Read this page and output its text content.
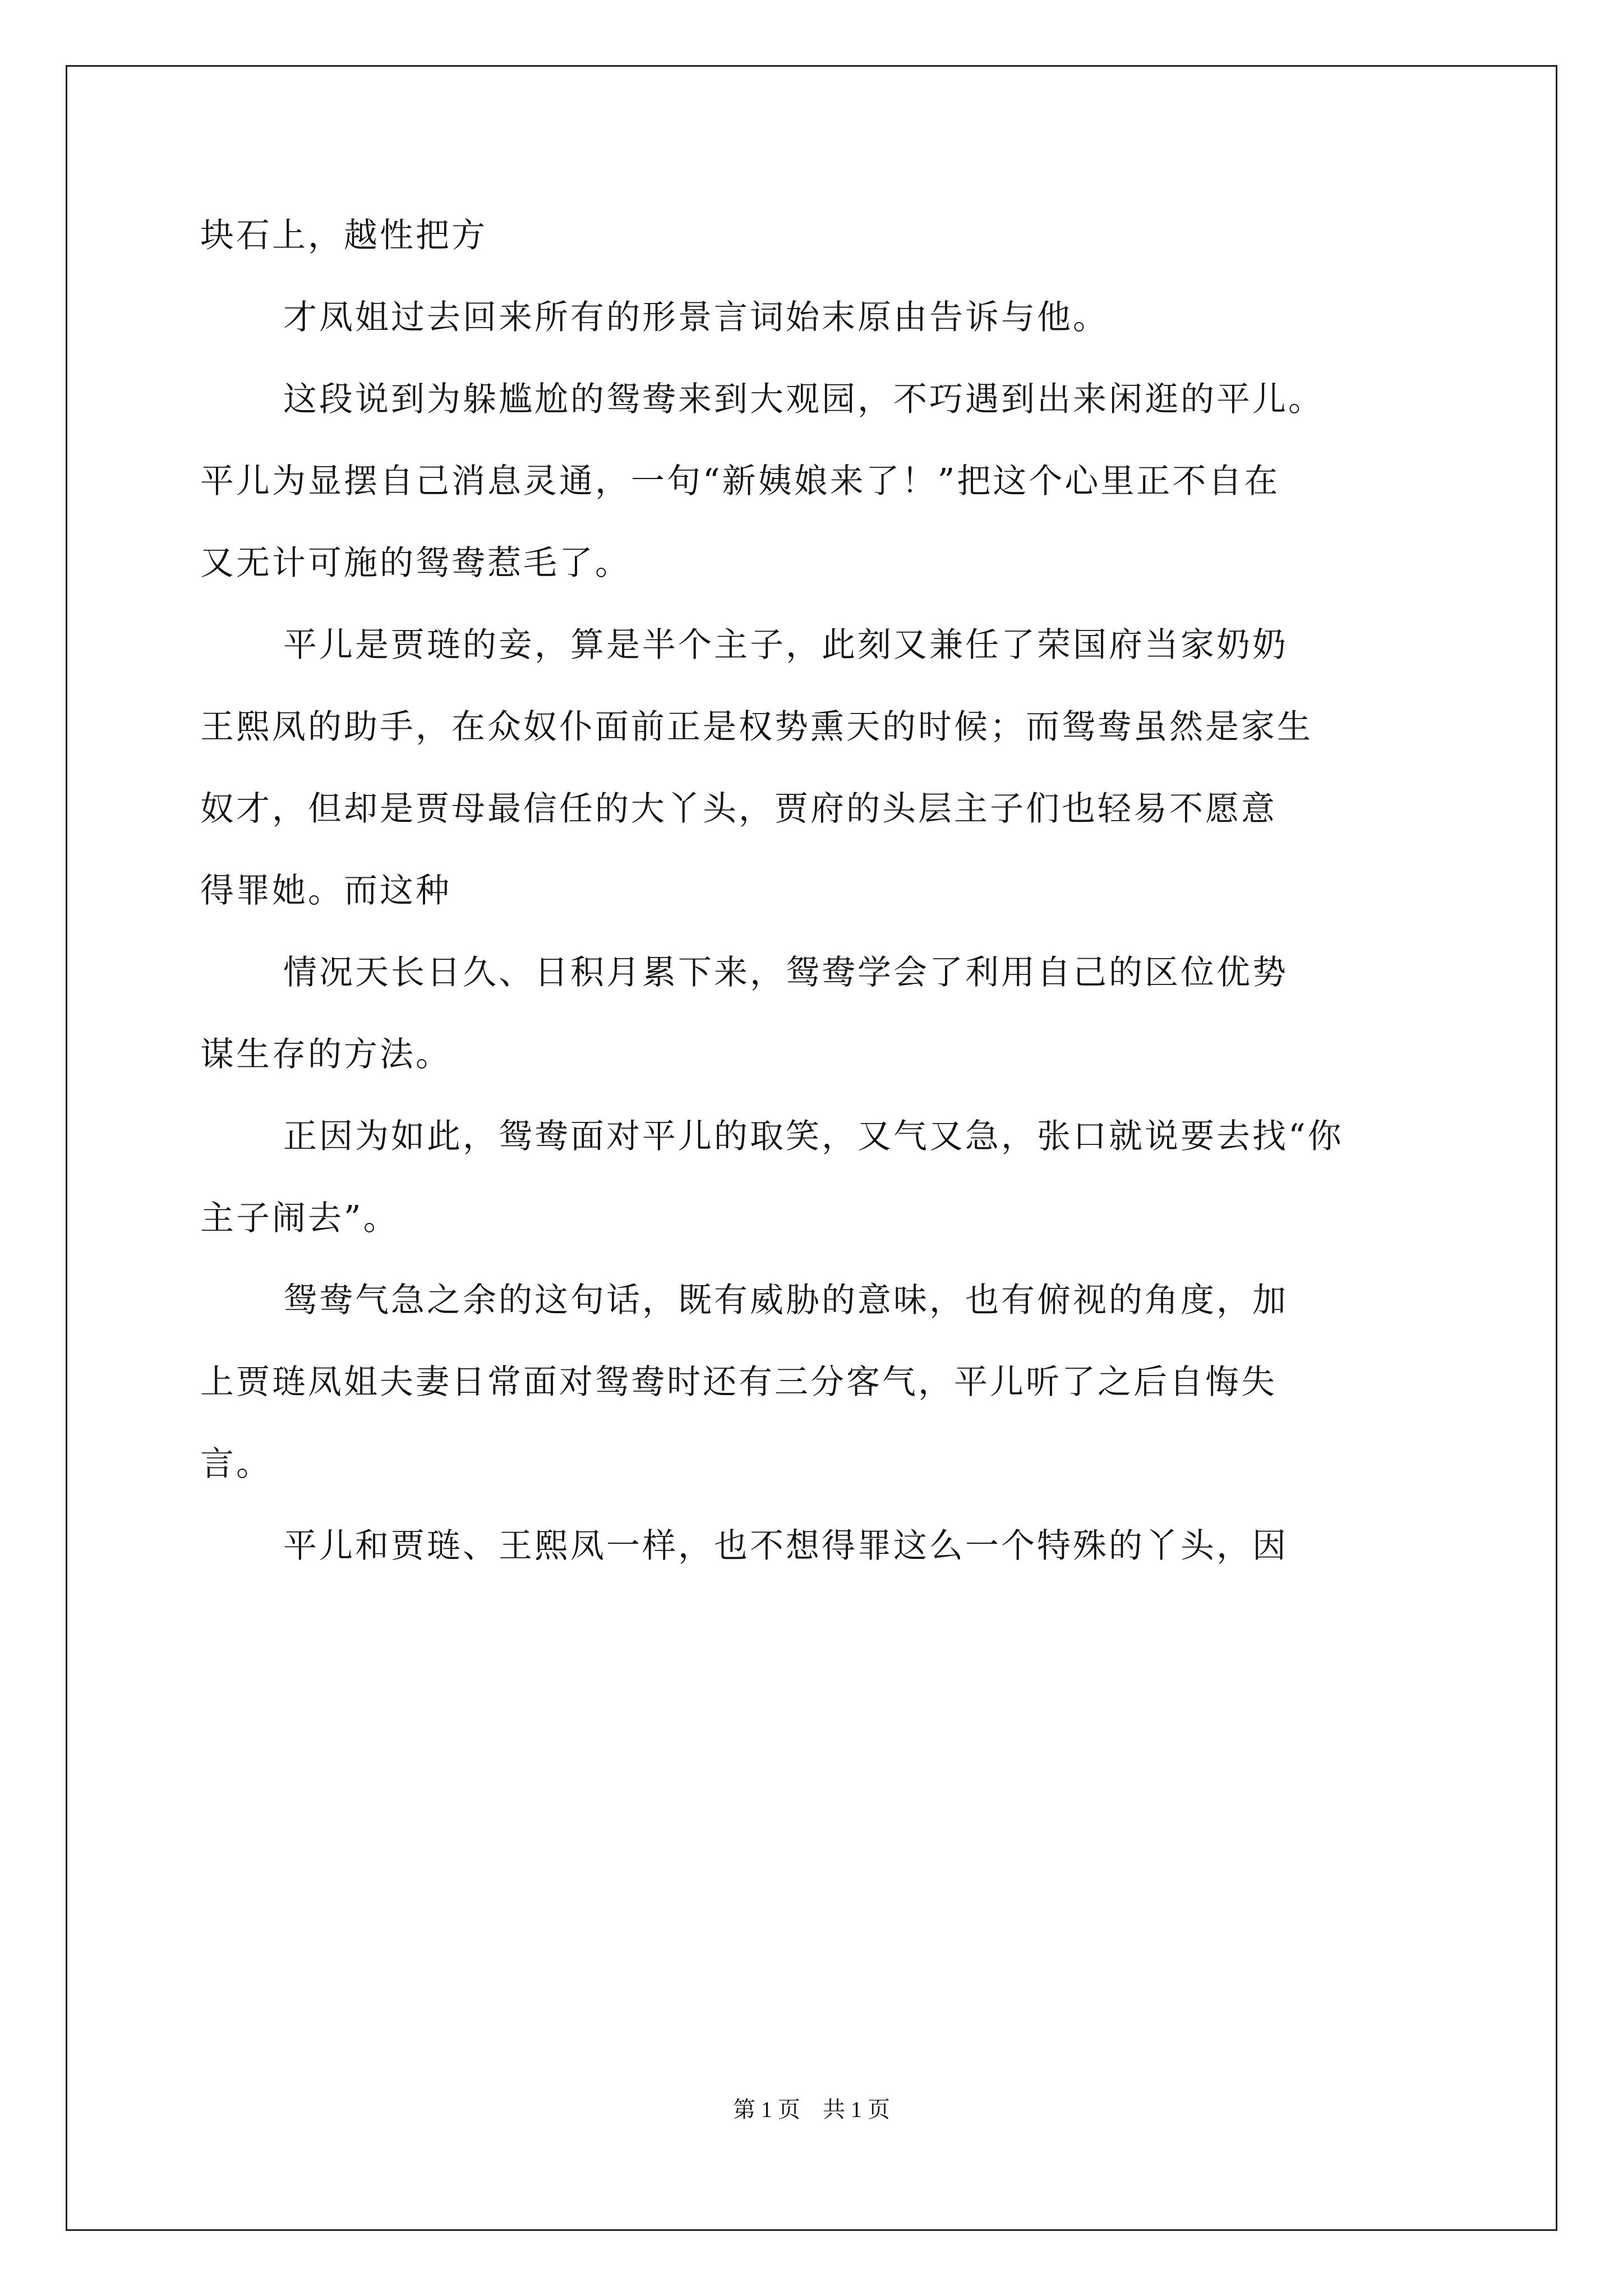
块石上，越性把方
才凤姐过去回来所有的形景言词始末原由告诉与他。
这段说到为躲尴尬的鸳鸯来到大观园，不巧遇到出来闲逛的平儿。
平儿为显摆自己消息灵通，一句“新姨娘来了！”把这个心里正不自在
又无计可施的鸳鸯惹毛了。
平儿是贾琏的妾，算是半个主子，此刻又兼任了荣国府当家奶奶
王熙凤的助手，在众奴仆面前正是权势熏天的时候；而鸳鸯虽然是家生
奴才，但却是贾母最信任的大丫头，贾府的头层主子们也轻易不愿意
得罪她。而这种
情况天长日久、日积月累下来，鸳鸯学会了利用自己的区位优势
谋生存的方法。
正因为如此，鸳鸯面对平儿的取笑，又气又急，张口就说要去找“你
主子闹去”。
鸳鸯气急之余的这句话，既有威胁的意味，也有俯视的角度，加
上贾琏凤姐夫妻日常面对鸳鸯时还有三分客气，平儿听了之后自悔失
言。
平儿和贾琏、王熙凤一样，也不想得罪这么一个特殊的丫头，因
第 1 页 共 1 页
